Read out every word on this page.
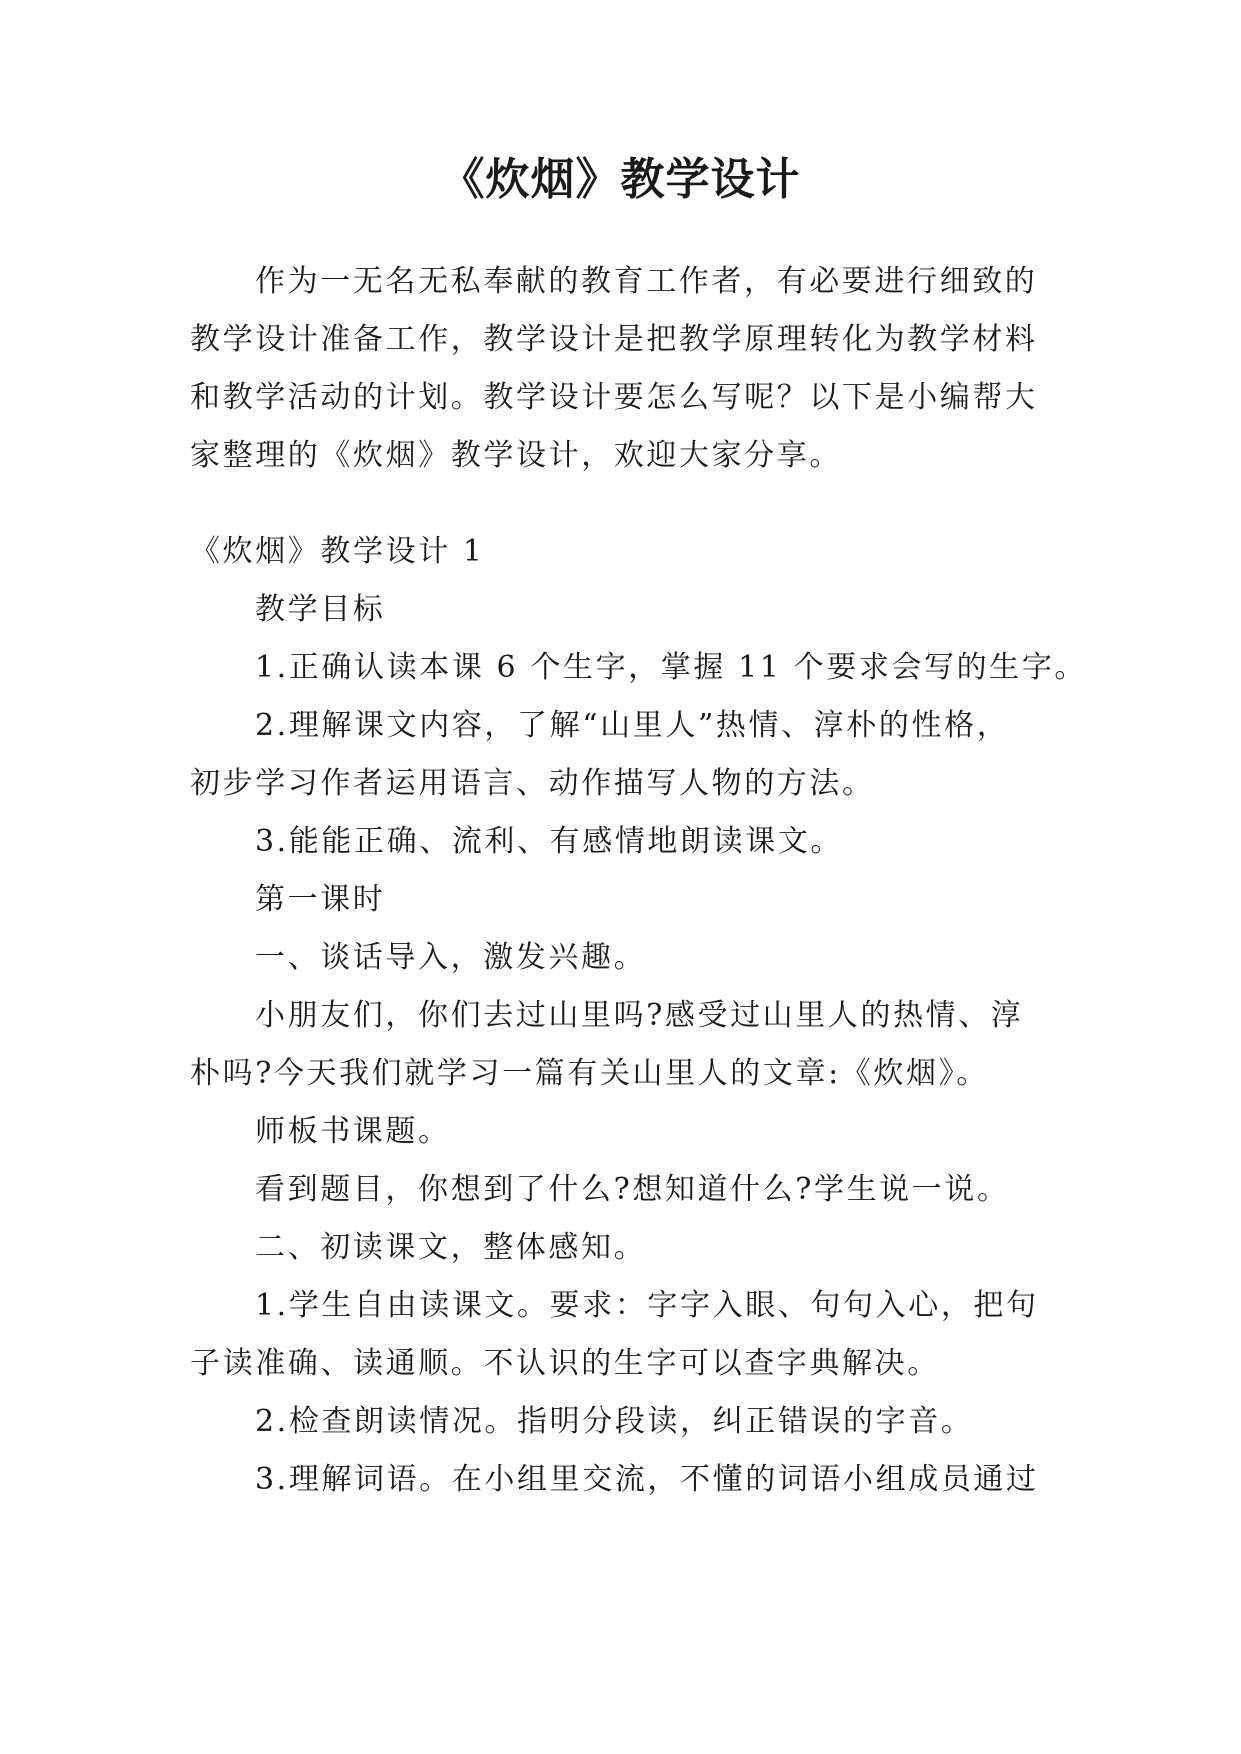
《炊烟》教学设计

作为一无名无私奉献的教育工作者，有必要进行细致的

教学设计准备工作，教学设计是把教学原理转化为教学材料

和教学活动的计划。教学设计要怎么写呢？以下是小编帮大

家整理的《炊烟》教学设计，欢迎大家分享。

《炊烟》教学设计 1

教学目标

1.正确认读本课 6 个生字，掌握 11 个要求会写的生字。

2.理解课文内容，了解“山里人”热情、淳朴的性格，

初步学习作者运用语言、动作描写人物的方法。

3.能能正确、流利、有感情地朗读课文。

第一课时

一、谈话导入，激发兴趣。

小朋友们，你们去过山里吗?感受过山里人的热情、淳

朴吗?今天我们就学习一篇有关山里人的文章:《炊烟》。

师板书课题。

看到题目，你想到了什么?想知道什么?学生说一说。

二、初读课文，整体感知。

1.学生自由读课文。要求：字字入眼、句句入心，把句

子读准确、读通顺。不认识的生字可以查字典解决。

2.检查朗读情况。指明分段读，纠正错误的字音。

3.理解词语。在小组里交流，不懂的词语小组成员通过
